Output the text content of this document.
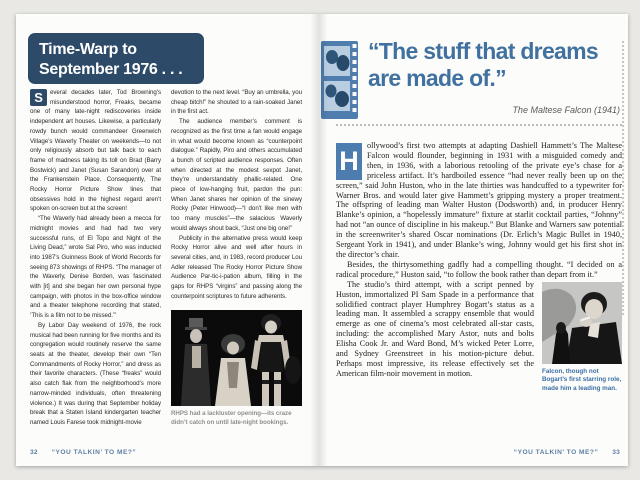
Time-Warp to
September 1976 . . .

S	everal decades later, Tod Browning’s misunderstood horror, Freaks, became one of many late-night rediscoveries inside independent art houses. Likewise, a particularly rowdy bunch would commandeer Greenwich Village’s Waverly Theater on weekends—to not only religiously absorb but talk back to each frame of madness taking its toll on Brad (Barry Bostwick) and Janet (Susan Sarandon) over at the Frankenstein Place. Consequently, The Rocky Horror Picture Show lines that obsessives hold in the highest regard aren’t spoken on-screen but at the screen!

“The Waverly had already been a mecca for midnight movies and had had two very successful runs, of El Topo and Night of the Living Dead,” wrote Sal Piro, who was inducted into 1987’s Guinness Book of World Records for seeing 873 showings of RHPS. “The manager of the Waverly, Denise Borden, was fascinated with [it] and she began her own personal hype campaign, with photos in the box-office window and a theater telephone recording that stated, ‘This is a film not to be missed.’”

By Labor Day weekend of 1976, the rock musical had been running for five months and its congregation would routinely reserve the same seats at the theater, develop their own “Ten Commandments of Rocky Horror,” and dress as their favorite characters. (These “freaks” would also catch flak from the neighborhood’s more narrow-minded individuals, often threatening violence.) It was during that September holiday break that a Staten Island kindergarten teacher named Louis Farese took midnight-movie

devotion to the next level. “Buy an umbrella, you cheap bitch!” he shouted to a rain-soaked Janet in the first act.

The audience member’s comment is recognized as the first time a fan would engage in what would become known as “counterpoint dialogue.” Rapidly, Piro and others accumulated a bunch of scripted audience responses. Often when directed at the modest sexpot Janet, they’re understandably phallic-related. One piece of low-hanging fruit, pardon the pun: When Janet shares her opinion of the sinewy Rocky (Peter Hinwood)—“I don’t like men with too many muscles”—the salacious Waverly would always shout back, “Just one big one!”

Publicity in the alternative press would keep Rocky Horror alive and well after hours in several cities, and, in 1983, record producer Lou Adler released The Rocky Horror Picture Show Audience Par-tic-i-pation album, filling in the gaps for RHPS “virgins” and passing along the counterpoint scriptures to future adherents.

RHPS had a lackluster opening—its craze didn’t catch on until late-night bookings.
32 “YOU TALKIN’ TO ME?”
“The stuff that dreams are made of.”
The Maltese Falcon (1941)

H
ollywood’s first two attempts at adapting Dashiell Hammett’s The Maltese Falcon would flounder, beginning in 1931 with a misguided comedy and then, in 1936, with a laborious retooling of the private eye’s chase for a priceless artifact. It’s hardboiled essence “had never really been up on the screen,” said John Huston, who in the late thirties was handcuffed to a typewriter for Warner Bros. and would later give Hammett’s gripping mystery a proper treatment. The offspring of leading man Walter Huston (Dodsworth) and, in producer Henry Blanke’s opinion, a “hopelessly immature” fixture at starlit cocktail parties, “Johnny” had not “an ounce of discipline in his makeup.” But Blanke and Warners saw potential in the screenwriter’s shared Oscar nominations (Dr. Erlich’s Magic Bullet in 1940, Sergeant York in 1941), and under Blanke’s wing, Johnny would get his first shot in the director’s chair.

Besides, the thirtysomething gadfly had a compelling thought. “I decided on a radical procedure,” Huston said, “to follow the book rather than depart from it.”

Falcon, though not Bogart’s first starring role, made him a leading man.

The studio’s third attempt, with a script penned by Huston, immortalized PI Sam Spade in a performance that solidified contract player Humphrey Bogart’s status as a leading man. It assembled a scrappy ensemble that would emerge as one of cinema’s most celebrated all-star casts, including: the accomplished Mary Astor, nuts and bolts Elisha Cook Jr. and Ward Bond, M’s wicked Peter Lorre, and Sydney Greenstreet in his motion-picture debut. Perhaps most impressive, its release effectively set the American film-noir movement in motion.

“YOU TALKIN’ TO ME?” 33
